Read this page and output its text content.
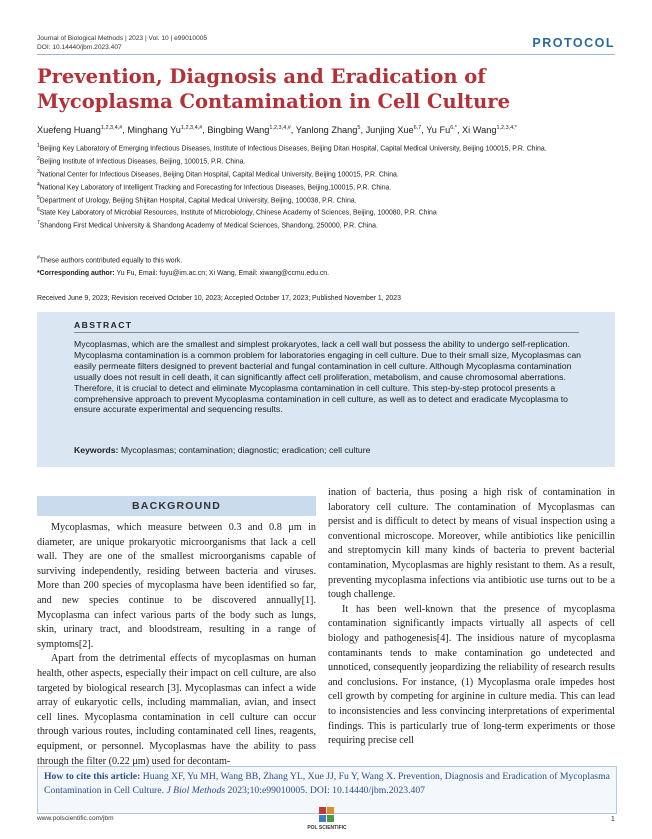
Journal of Biological Methods | 2023 | Vol. 10 | e99010005
DOI: 10.14440/jbm.2023.407	PROTOCOL
Prevention, Diagnosis and Eradication of Mycoplasma Contamination in Cell Culture
Xuefeng Huang$^{1,2,3,4,\#}$, Minghang $Yu^{1,2,3,4,\#}$, Bingbing Wang$^{1,2,3,4,\#}$, Yanlong Zhang$^5$, Junjing Xue$^{6,7}$, Yu $Fu^{6,*}$, Xi Wang$^{1,2,3,4,*}$
$^1$Beijing Key Laboratory of Emerging Infectious Diseases, Institute of Infectious Diseases, Beijing Ditan Hospital, Capital Medical University, Beijing 100015, P.R. China.
$^2$Beijing Institute of Infectious Diseases, Beijing, 100015, P.R. China.
$^3$National Center for Infectious Diseases, Beijing Ditan Hospital, Capital Medical University, Beijing 100015, P.R. China.
$^4$National Key Laboratory of Intelligent Tracking and Forecasting for Infectious Diseases, Beijing,100015, P.R. China.
$^5$Department of Urology, Beijing Shijitan Hospital, Capital Medical University, Beijing, 100038, P.R. China.
$^6$State Key Laboratory of Microbial Resources, Institute of Microbiology, Chinese Academy of Sciences, Beijing, 100080, P.R. China
$^7$Shandong First Medical University & Shandong Academy of Medical Sciences, Shandong, 250000, P.R. China.
#These authors contributed equally to this work.
*Corresponding author: Yu Fu, Email: fuyu@im.ac.cn; Xi Wang, Email: xiwang@ccmu.edu.cn.
Received June 9, 2023; Revision received October 10, 2023; Accepted October 17, 2023; Published November 1, 2023
ABSTRACT
Mycoplasmas, which are the smallest and simplest prokaryotes, lack a cell wall but possess the ability to undergo self-replication. Mycoplasma contamination is a common problem for laboratories engaging in cell culture. Due to their small size, Mycoplasmas can easily permeate filters designed to prevent bacterial and fungal contamination in cell culture. Although Mycoplasma contamination usually does not result in cell death, it can significantly affect cell proliferation, metabolism, and cause chromosomal aberrations. Therefore, it is crucial to detect and eliminate Mycoplasma contamination in cell culture. This step-by-step protocol presents a comprehensive approach to prevent Mycoplasma contamination in cell culture, as well as to detect and eradicate Mycoplasma to ensure accurate experimental and sequencing results.
Keywords: Mycoplasmas; contamination; diagnostic; eradication; cell culture
BACKGROUND

Mycoplasmas, which measure between 0.3 and 0.8 μm in diameter, are unique prokaryotic microorganisms that lack a cell wall. They are one of the smallest microorganisms capable of surviving independently, residing between bacteria and viruses. More than 200 species of mycoplasma have been identified so far, and new species continue to be discovered annually[1]. Mycoplasma can infect various parts of the body such as lungs, skin, urinary tract, and bloodstream, resulting in a range of symptoms[2].

Apart from the detrimental effects of mycoplasmas on human health, other aspects, especially their impact on cell culture, are also targeted by biological research [3]. Mycoplasmas can infect a wide array of eukaryotic cells, including mammalian, avian, and insect cell lines. Mycoplasma contamination in cell culture can occur through various routes, including contaminated cell lines, reagents, equipment, or personnel. Mycoplasmas have the ability to pass through the filter (0.22 μm) used for decontam-

ination of bacteria, thus posing a high risk of contamination in laboratory cell culture. The contamination of Mycoplasmas can persist and is difficult to detect by means of visual inspection using a conventional microscope. Moreover, while antibiotics like penicillin and streptomycin kill many kinds of bacteria to prevent bacterial contamination, Mycoplasmas are highly resistant to them. As a result, preventing mycoplasma infections via antibiotic use turns out to be a tough challenge.

It has been well-known that the presence of mycoplasma contamination significantly impacts virtually all aspects of cell biology and pathogenesis[4]. The insidious nature of mycoplasma contaminants tends to make contamination go undetected and unnoticed, consequently jeopardizing the reliability of research results and conclusions. For instance, (1) Mycoplasma orale impedes host cell growth by competing for arginine in culture media. This can lead to inconsistencies and less convincing interpretations of experimental findings. This is particularly true of long-term experiments or those requiring precise cell

How to cite this article: Huang XF, Yu MH, Wang BB, Zhang YL, Xue JJ, Fu Y, Wang X. Prevention, Diagnosis and Eradication of Mycoplasma Contamination in Cell Culture. J Biol Methods 2023;10:e99010005. DOI: 10.14440/jbm.2023.407
www.polscientific.com/jbm
POL SCIENTIFIC
1
